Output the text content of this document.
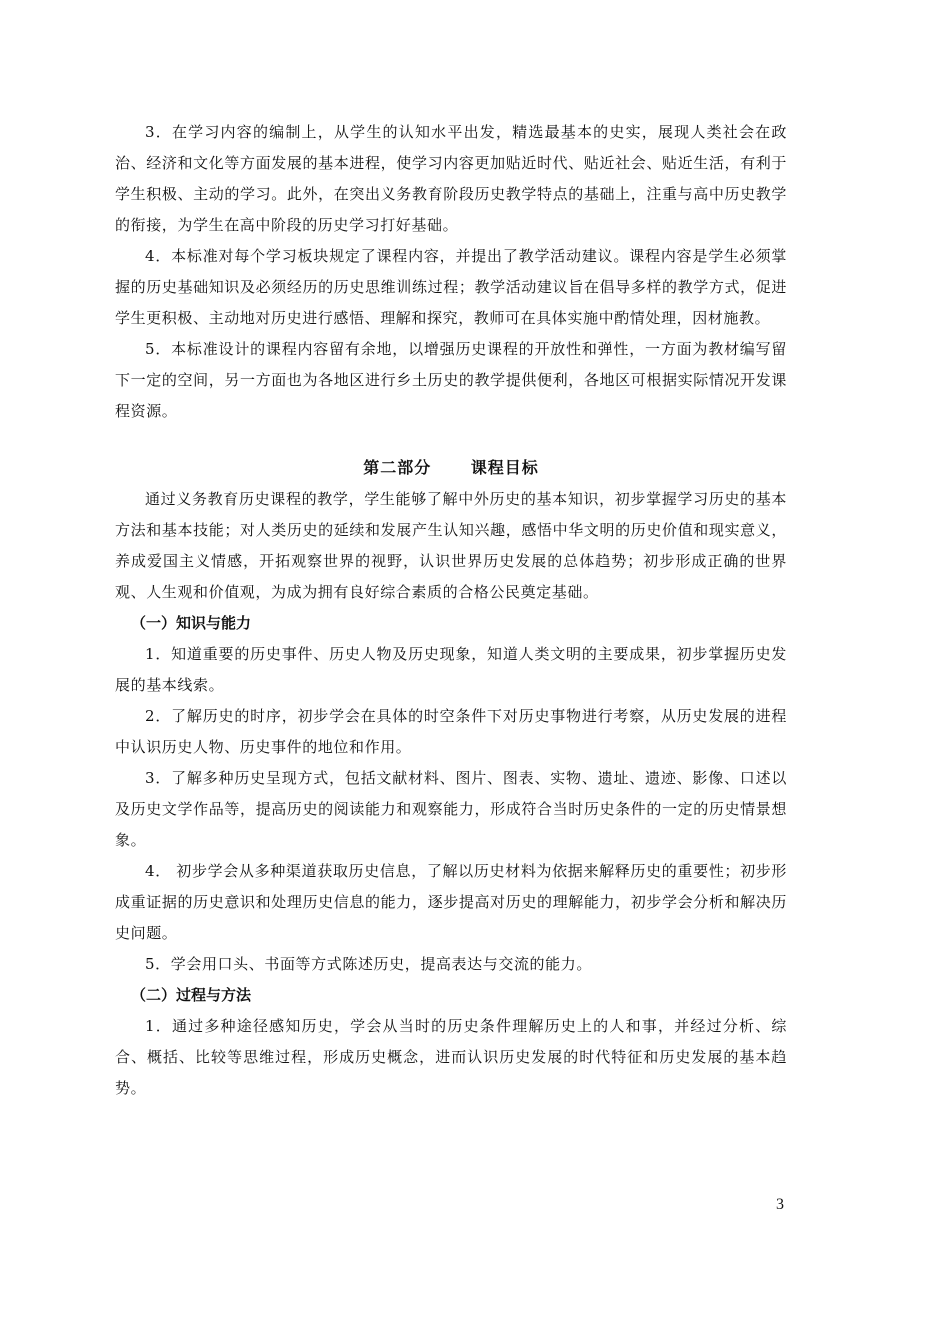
3．在学习内容的编制上，从学生的认知水平出发，精选最基本的史实，展现人类社会在政治、经济和文化等方面发展的基本进程，使学习内容更加贴近时代、贴近社会、贴近生活，有利于学生积极、主动的学习。此外，在突出义务教育阶段历史教学特点的基础上，注重与高中历史教学的衔接，为学生在高中阶段的历史学习打好基础。

4．本标准对每个学习板块规定了课程内容，并提出了教学活动建议。课程内容是学生必须掌握的历史基础知识及必须经历的历史思维训练过程；教学活动建议旨在倡导多样的教学方式，促进学生更积极、主动地对历史进行感悟、理解和探究，教师可在具体实施中酌情处理，因材施教。

5．本标准设计的课程内容留有余地，以增强历史课程的开放性和弹性，一方面为教材编写留下一定的空间，另一方面也为各地区进行乡土历史的教学提供便利，各地区可根据实际情况开发课程资源。

第二部分      课程目标

通过义务教育历史课程的教学，学生能够了解中外历史的基本知识，初步掌握学习历史的基本方法和基本技能；对人类历史的延续和发展产生认知兴趣，感悟中华文明的历史价值和现实意义，养成爱国主义情感，开拓观察世界的视野，认识世界历史发展的总体趋势；初步形成正确的世界观、人生观和价值观，为成为拥有良好综合素质的合格公民奠定基础。

（一）知识与能力

1．知道重要的历史事件、历史人物及历史现象，知道人类文明的主要成果，初步掌握历史发展的基本线索。

2．了解历史的时序，初步学会在具体的时空条件下对历史事物进行考察，从历史发展的进程中认识历史人物、历史事件的地位和作用。

3．了解多种历史呈现方式，包括文献材料、图片、图表、实物、遗址、遗迹、影像、口述以及历史文学作品等，提高历史的阅读能力和观察能力，形成符合当时历史条件的一定的历史情景想象。

4． 初步学会从多种渠道获取历史信息，了解以历史材料为依据来解释历史的重要性；初步形成重证据的历史意识和处理历史信息的能力，逐步提高对历史的理解能力，初步学会分析和解决历史问题。

5．学会用口头、书面等方式陈述历史，提高表达与交流的能力。

（二）过程与方法

1．通过多种途径感知历史，学会从当时的历史条件理解历史上的人和事，并经过分析、综合、概括、比较等思维过程，形成历史概念，进而认识历史发展的时代特征和历史发展的基本趋势。

3
